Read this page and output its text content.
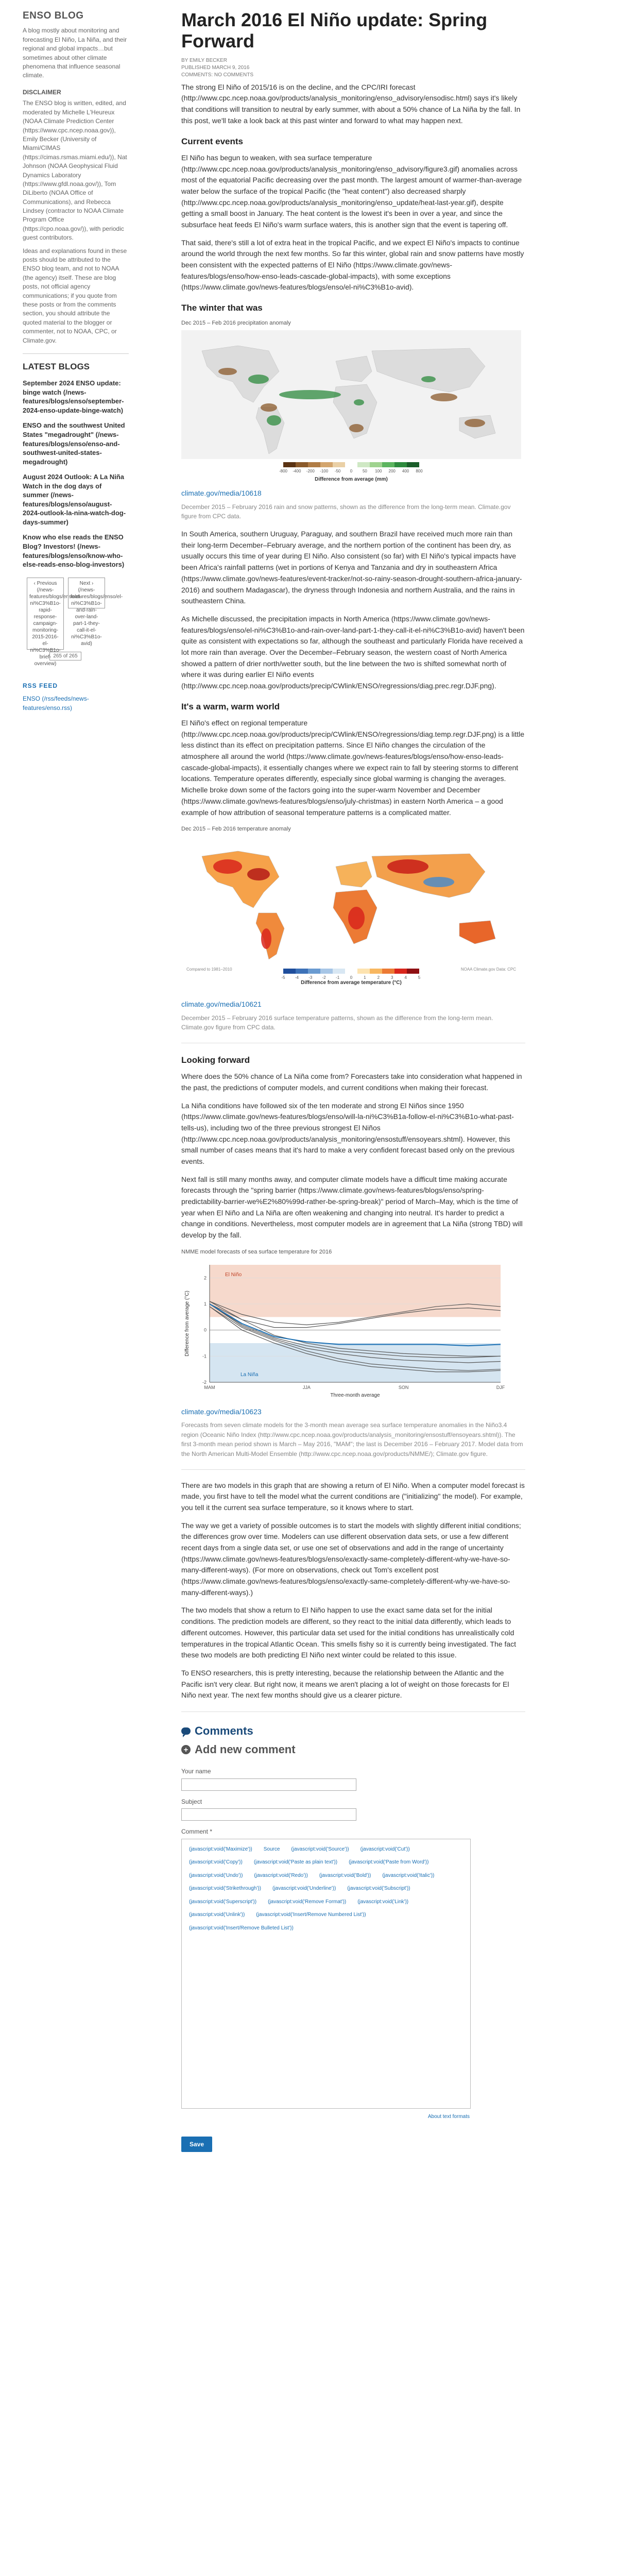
ENSO BLOG

A blog mostly about monitoring and forecasting El Niño, La Niña, and their regional and global impacts…but sometimes about other climate phenomena that influence seasonal climate.

DISCLAIMER

The ENSO blog is written, edited, and moderated by Michelle L'Heureux (NOAA Climate Prediction Center (https://www.cpc.ncep.noaa.gov)), Emily Becker (University of Miami/CIMAS (https://cimas.rsmas.miami.edu/)), Nat Johnson (NOAA Geophysical Fluid Dynamics Laboratory (https://www.gfdl.noaa.gov/)), Tom DiLiberto (NOAA Office of Communications), and Rebecca Lindsey (contractor to NOAA Climate Program Office (https://cpo.noaa.gov/)), with periodic guest contributors.

Ideas and explanations found in these posts should be attributed to the ENSO blog team, and not to NOAA (the agency) itself. These are blog posts, not official agency communications; if you quote from these posts or from the comments section, you should attribute the quoted material to the blogger or commenter, not to NOAA, CPC, or Climate.gov.

LATEST BLOGS
September 2024 ENSO update: binge watch (/news-features/blogs/enso/september-2024-enso-update-binge-watch)
ENSO and the southwest United States "megadrought" (/news-features/blogs/enso/enso-and-southwest-united-states-megadrought)
August 2024 Outlook: A La Niña Watch in the dog days of summer (/news-features/blogs/enso/august-2024-outlook-la-nina-watch-dog-days-summer)
Know who else reads the ENSO Blog? Investors! (/news-features/blogs/enso/know-who-else-reads-enso-blog-investors)
‹ Previous (/news-features/blogs/enso/el-ni%C3%B1o-rapid-response-campaign-monitoring-2015-2016-el-ni%C3%B1o-brief-overview)
Next › (/news-features/blogs/enso/el-ni%C3%B1o-and-rain-over-land-part-1-they-call-it-el-ni%C3%B1o-avid)
265 of 265
RSS FEED
ENSO (/rss/feeds/news-features/enso.rss)
March 2016 El Niño update: Spring Forward
BY EMILY BECKER
PUBLISHED MARCH 9, 2016
COMMENTS: NO COMMENTS

The strong El Niño of 2015/16 is on the decline, and the CPC/IRI forecast (http://www.cpc.ncep.noaa.gov/products/analysis_monitoring/enso_advisory/ensodisc.html) says it's likely that conditions will transition to neutral by early summer, with about a 50% chance of La Niña by the fall. In this post, we'll take a look back at this past winter and forward to what may happen next.

Current events

El Niño has begun to weaken, with sea surface temperature (http://www.cpc.ncep.noaa.gov/products/analysis_monitoring/enso_advisory/figure3.gif) anomalies across most of the equatorial Pacific decreasing over the past month. The largest amount of warmer-than-average water below the surface of the tropical Pacific (the "heat content") also decreased sharply (http://www.cpc.ncep.noaa.gov/products/analysis_monitoring/enso_update/heat-last-year.gif), despite getting a small boost in January. The heat content is the lowest it's been in over a year, and since the subsurface heat feeds El Niño's warm surface waters, this is another sign that the event is tapering off.

That said, there's still a lot of extra heat in the tropical Pacific, and we expect El Niño's impacts to continue around the world through the next few months. So far this winter, global rain and snow patterns have mostly been consistent with the expected patterns of El Niño (https://www.climate.gov/news-features/blogs/enso/how-enso-leads-cascade-global-impacts), with some exceptions (https://www.climate.gov/news-features/blogs/enso/el-ni%C3%B1o-avid).

The winter that was
Dec 2015 – Feb 2016 precipitation anomaly
-800 -400 -200 -100 -50 0 50 100 200 400 800
Difference from average (mm)
climate.gov/media/10618
December 2015 – February 2016 rain and snow patterns, shown as the difference from the long-term mean. Climate.gov figure from CPC data.

In South America, southern Uruguay, Paraguay, and southern Brazil have received much more rain than their long-term December–February average, and the northern portion of the continent has been dry, as usually occurs this time of year during El Niño. Also consistent (so far) with El Niño's typical impacts have been Africa's rainfall patterns (wet in portions of Kenya and Tanzania and dry in southeastern Africa (https://www.climate.gov/news-features/event-tracker/not-so-rainy-season-drought-southern-africa-january-2016) and southern Madagascar), the dryness through Indonesia and northern Australia, and the rains in southeastern China.

As Michelle discussed, the precipitation impacts in North America (https://www.climate.gov/news-features/blogs/enso/el-ni%C3%B1o-and-rain-over-land-part-1-they-call-it-el-ni%C3%B1o-avid) haven't been quite as consistent with expectations so far, although the southeast and particularly Florida have received a lot more rain than average. Over the December–February season, the western coast of North America showed a pattern of drier north/wetter south, but the line between the two is shifted somewhat north of where it was during earlier El Niño events (http://www.cpc.ncep.noaa.gov/products/precip/CWlink/ENSO/regressions/diag.prec.regr.DJF.png).

It's a warm, warm world

El Niño's effect on regional temperature (http://www.cpc.ncep.noaa.gov/products/precip/CWlink/ENSO/regressions/diag.temp.regr.DJF.png) is a little less distinct than its effect on precipitation patterns. Since El Niño changes the circulation of the atmosphere all around the world (https://www.climate.gov/news-features/blogs/enso/how-enso-leads-cascade-global-impacts), it essentially changes where we expect rain to fall by steering storms to different locations. Temperature operates differently, especially since global warming is changing the averages. Michelle broke down some of the factors going into the super-warm November and December (https://www.climate.gov/news-features/blogs/enso/july-christmas) in eastern North America – a good example of how attribution of seasonal temperature patterns is a complicated matter.

Dec 2015 – Feb 2016 temperature anomaly
-5 -4 -3 -2 -1	0	1	2	3	4	5
Difference from average temperature (°C)
Compared to 1981–2010	NOAA Climate.gov Data: CPC
climate.gov/media/10621
December 2015 – February 2016 surface temperature patterns, shown as the difference from the long-term mean. Climate.gov figure from CPC data.
Looking forward

Where does the 50% chance of La Niña come from? Forecasters take into consideration what happened in the past, the predictions of computer models, and current conditions when making their forecast.

La Niña conditions have followed six of the ten moderate and strong El Niños since 1950 (https://www.climate.gov/news-features/blogs/enso/will-la-ni%C3%B1a-follow-el-ni%C3%B1o-what-past-tells-us), including two of the three previous strongest El Niños (http://www.cpc.ncep.noaa.gov/products/analysis_monitoring/ensostuff/ensoyears.shtml). However, this small number of cases means that it's hard to make a very confident forecast based only on the previous events.

Next fall is still many months away, and computer climate models have a difficult time making accurate forecasts through the "spring barrier (https://www.climate.gov/news-features/blogs/enso/spring-predictability-barrier-we%E2%80%99d-rather-be-spring-break)" period of March–May, which is the time of year when El Niño and La Niña are often weakening and changing into neutral. It's harder to predict a change in conditions. Nevertheless, most computer models are in agreement that La Niña (strong TBD) will develop by the fall.

NMME model forecasts of sea surface temperature for 2016
El Niño
La Niña
-2
-1
0
1
2
MAM	JJA	SON	DJF
Three-month average
Difference from average (°C)
climate.gov/media/10623
Forecasts from seven climate models for the 3-month mean average sea surface temperature anomalies in the Niño3.4 region (Oceanic Niño Index (http://www.cpc.ncep.noaa.gov/products/analysis_monitoring/ensostuff/ensoyears.shtml)). The first 3-month mean period shown is March – May 2016, "MAM"; the last is December 2016 – February 2017. Model data from the North American Multi-Model Ensemble (http://www.cpc.ncep.noaa.gov/products/NMME/); Climate.gov figure.

There are two models in this graph that are showing a return of El Niño. When a computer model forecast is made, you first have to tell the model what the current conditions are ("initializing" the model). For example, you tell it the current sea surface temperature, so it knows where to start.

The way we get a variety of possible outcomes is to start the models with slightly different initial conditions; the differences grow over time. Modelers can use different observation data sets, or use a few different recent days from a single data set, or use one set of observations and add in the range of uncertainty (https://www.climate.gov/news-features/blogs/enso/exactly-same-completely-different-why-we-have-so-many-different-ways). (For more on observations, check out Tom's excellent post (https://www.climate.gov/news-features/blogs/enso/exactly-same-completely-different-why-we-have-so-many-different-ways).)

The two models that show a return to El Niño happen to use the exact same data set for the initial conditions. The prediction models are different, so they react to the initial data differently, which leads to different outcomes. However, this particular data set used for the initial conditions has unrealistically cold temperatures in the tropical Atlantic Ocean. This smells fishy so it is currently being investigated. The fact these two models are both predicting El Niño next winter could be related to this issue.

To ENSO researchers, this is pretty interesting, because the relationship between the Atlantic and the Pacific isn't very clear. But right now, it means we aren't placing a lot of weight on those forecasts for El Niño next year. The next few months should give us a clearer picture.

Comments
+ Add new comment
Your name
Subject
Comment *
(javascript:void('Maximize')) Source (javascript:void('Source')) (javascript:void('Cut'))
(javascript:void('Copy')) (javascript:void('Paste as plain text')) (javascript:void('Paste from Word'))
(javascript:void('Undo')) (javascript:void('Redo')) (javascript:void('Bold')) (javascript:void('Italic'))
(javascript:void('Strikethrough')) (javascript:void('Underline')) (javascript:void('Subscript'))
(javascript:void('Superscript')) (javascript:void('Remove Format')) (javascript:void('Link'))
(javascript:void('Unlink')) (javascript:void('Insert/Remove Numbered List'))
(javascript:void('Insert/Remove Bulleted List'))
About text formats
Save
